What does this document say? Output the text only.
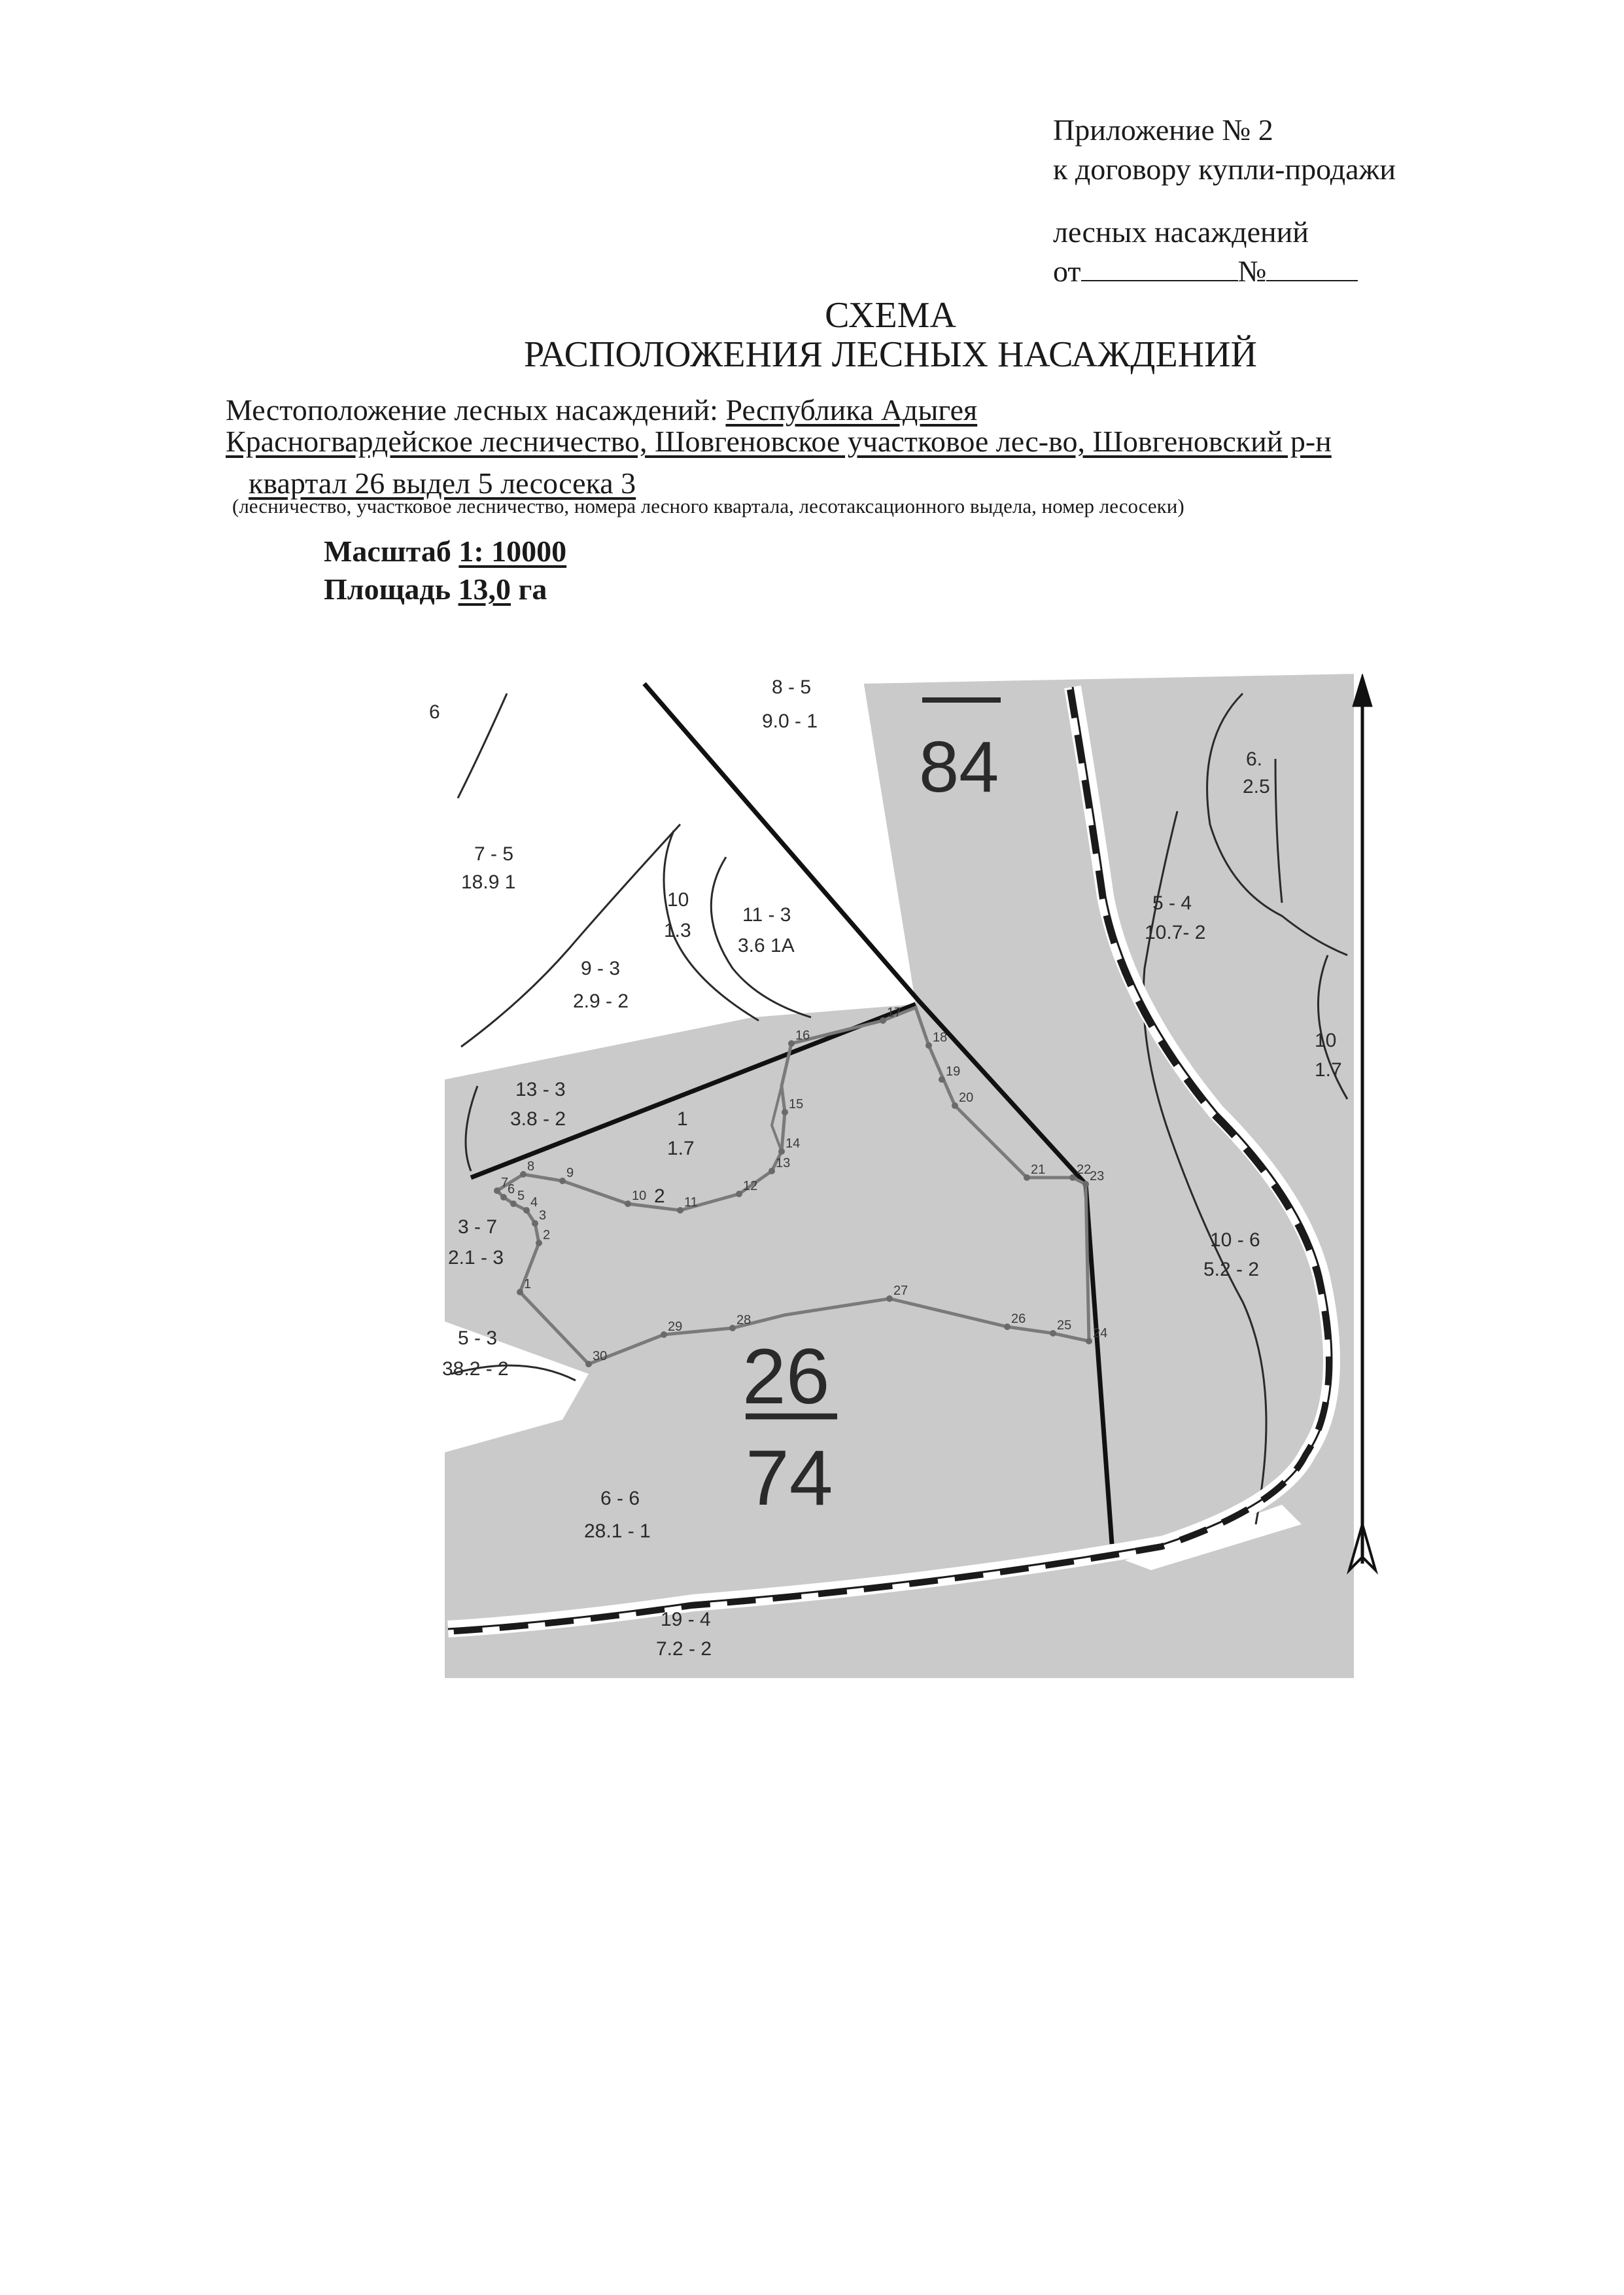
Приложение № 2
к договору купли-продажи
лесных насаждений
от	№
СХЕМА
РАСПОЛОЖЕНИЯ ЛЕСНЫХ НАСАЖДЕНИЙ
Местоположение лесных насаждений: Республика Адыгея
Красногвардейское лесничество, Шовгеновское участковое лес-во, Шовгеновский р-н
квартал 26 выдел 5 лесосека 3
(лесничество, участковое лесничество, номера лесного квартала, лесотаксационного выдела, номер лесосеки)
Масштаб 1: 10000
Площадь 13,0 га
1
2
3
4
5
6
7
8 9
10	11
12
13
14
15
16
17
18
19
20
21 22
23
24
25
26
27
28
29
30
84
26
74
6
8 - 5
9.0 - 1
6.
2.5
7 - 5
18.9 1
10
1.3
11 - 3
3.6 1А
5 - 4
10.7- 2
9 - 3
2.9 - 2
10
1.7
13 - 3
3.8 - 2	1
1.7
2
3 - 7
2.1 - 3
10 - 6
5.2 - 2
5 - 3
38.2 - 2
6 - 6
28.1 - 1
19 - 4
7.2 - 2
